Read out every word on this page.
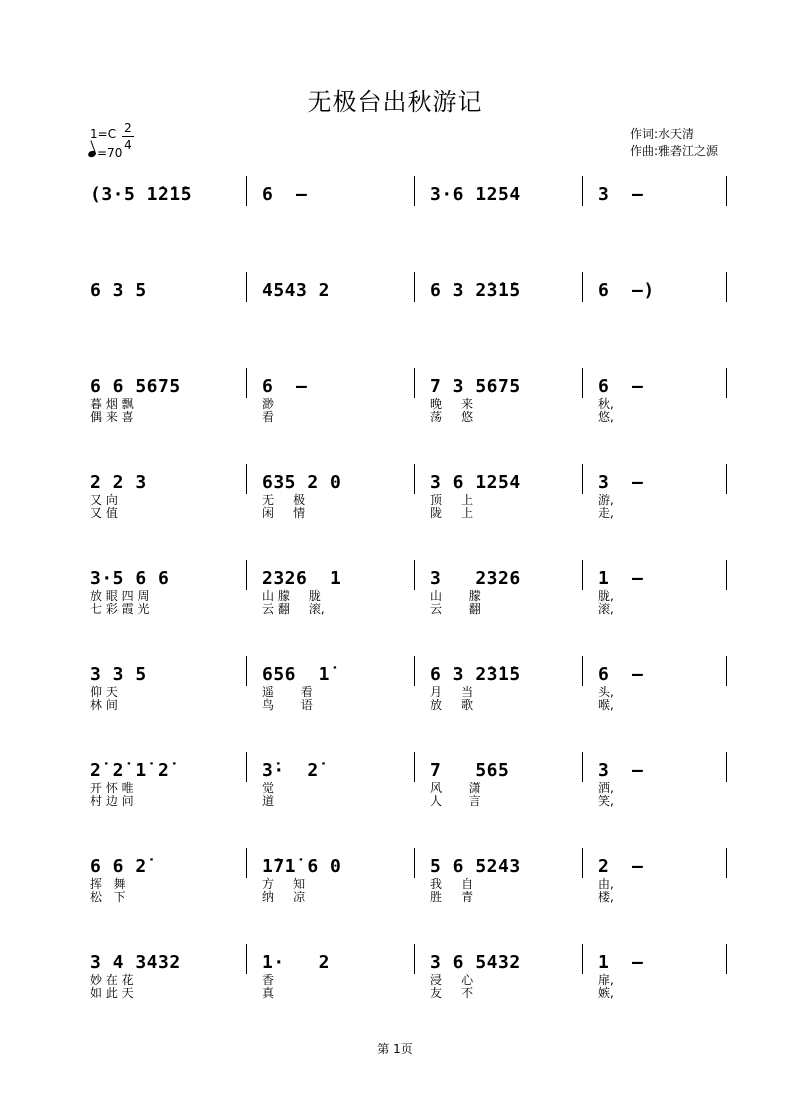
无极台出秋游记
1=C 2
4
=70
作词:水天清
作曲:雅砻江之源
(3·5 1̇2̇1̇5	6  –	3·6 1254	3  –
6 3 5	4543 2	6 3 2̇3̇1̇5	6  –)
6 6 5675
暮 烟 飘
偶 来 喜
6  –
渺
看
7 3 5675
晚     来
荡     悠
6  –
秋,
悠,
2 2 3
又 向
又 值
635 2 0
无     极
闲     情
3 6 1254
顶     上
陇     上
3  –
游,
走,
3·5 6 6
放 眼 四 周
七 彩 霞 光
2326  1
山 朦     胧
云 翻     滚,
3   2326
山       朦
云       翻
1  –
胧,
滚,
3 3 5
仰 天
林 间
656  1̇
遥       看
鸟       语
6 3 2̇3̇1̇5
月     当
放     歌
6  –
头,
喉,
2̇ 2̇ 1̇ 2̇
开 怀 唯
村 边 问
3̇·  2̇
觉
道
7   565
风       潇
人       言
3  –
洒,
笑,
6 6 2̇
挥   舞
松   下
1̇71̇ 6 0
方     知
纳     凉
5 6 5243
我     自
胜     青
2  –
由,
楼,
3 4 3432
妙 在 花
如 此 天
1·   2
香
真
3 6 5432
浸     心
友     不
1  –
扉,
嫉,
第 1页
